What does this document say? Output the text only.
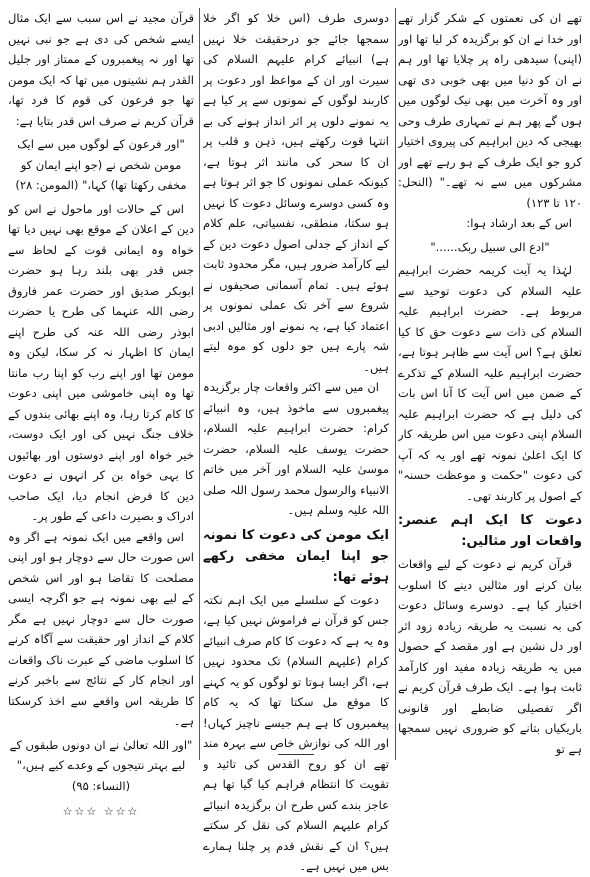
تھے ان کی نعمتوں کے شکر گزار تھے اور خدا نے ان کو برگزیدہ کر لیا تھا اور (اپنی) سیدھی راہ پر چلایا تھا اور ہم نے ان کو دنیا میں بھی خوبی دی تھی اور وہ آخرت میں بھی نیک لوگوں میں ہوں گے پھر ہم نے تمہاری طرف وحی بھیجی کہ دین ابراہیم کی پیروی اختیار کرو جو ایک طرف کے ہو رہے تھے اور مشرکوں میں سے نہ تھے۔" (النحل: ۱۲۰ تا ۱۲۳)

اس کے بعد ارشاد ہوا:

"ادع الی سبیل ربک......"

لہٰذا یہ آیت کریمہ حضرت ابراہیم علیہ السلام کی دعوت توحید سے مربوط ہے۔ حضرت ابراہیم علیہ السلام کی ذات سے دعوت حق کا کیا تعلق ہے؟ اس آیت سے ظاہر ہوتا ہے، حضرت ابراہیم علیہ السلام کے تذکرے کے ضمن میں اس آیت کا آنا اس بات کی دلیل ہے کہ حضرت ابراہیم علیہ السلام اپنی دعوت میں اس طریقہ کار کا ایک اعلیٰ نمونہ تھے اور یہ کہ آپ کی دعوت "حکمت و موعظت حسنہ" کے اصول پر کاربند تھی۔

دعوت کا ایک اہم عنصر: واقعات اور مثالیں:

قرآن کریم نے دعوت کے لیے واقعات بیان کرنے اور مثالیں دینے کا اسلوب اختیار کیا ہے۔ دوسرے وسائل دعوت کی بہ نسبت یہ طریقہ زیادہ زود اثر اور دل نشین ہے اور مقصد کے حصول میں یہ طریقہ زیادہ مفید اور کارآمد ثابت ہوا ہے۔ ایک طرف قرآن کریم نے اگر تفصیلی ضابطے اور قانونی باریکیاں بتانے کو ضروری نہیں سمجھا ہے تو

دوسری طرف (اس خلا کو اگر خلا سمجھا جائے جو درحقیقت خلا نہیں ہے) انبیائے کرام علیہم السلام کی سیرت اور ان کے مواعظ اور دعوت پر کاربند لوگوں کے نمونوں سے پر کیا ہے یہ نمونے دلوں پر اثر انداز ہونے کی بے انتہا قوت رکھتے ہیں، ذہن و قلب پر ان کا سحر کی مانند اثر ہوتا ہے، کیونکہ عملی نمونوں کا جو اثر ہوتا ہے وہ کسی دوسرے وسائل دعوت کا نہیں ہو سکتا، منطقی، نفسیاتی، علم کلام کے انداز کے جدلی اصول دعوت دین کے لیے کارآمد ضرور ہیں، مگر محدود ثابت ہوئے ہیں۔ تمام آسمانی صحیفوں نے شروع سے آخر تک عملی نمونوں پر اعتماد کیا ہے، یہ نمونے اور مثالیں ادبی شہ پارے ہیں جو دلوں کو موہ لیتے ہیں۔

ان میں سے اکثر واقعات چار برگزیدہ پیغمبروں سے ماخوذ ہیں، وہ انبیائے کرام: حضرت ابراہیم علیہ السلام، حضرت یوسف علیہ السلام، حضرت موسیٰ علیہ السلام اور آخر میں خاتم الانبیاء والرسول محمد رسول اللہ صلی اللہ علیہ وسلم ہیں۔

ایک مومن کی دعوت کا نمونہ جو اپنا ایمان مخفی رکھے ہوئے تھا:

دعوت کے سلسلے میں ایک اہم نکتہ جس کو قرآن نے فراموش نہیں کیا ہے، وہ یہ ہے کہ دعوت کا کام صرف انبیائے کرام (علیہم السلام) تک محدود نہیں ہے، اگر ایسا ہوتا تو لوگوں کو یہ کہنے کا موقع مل سکتا تھا کہ یہ کام پیغمبروں کا ہے ہم جیسے ناچیز کہاں! اور اللہ کی نوازش خاص سے بہرہ مند تھے ان کو روح القدس کی تائید و تقویت کا انتظام فراہم کیا گیا تھا ہم عاجز بندے کس طرح ان برگزیدہ انبیائے کرام علیہم السلام کی نقل کر سکتے ہیں؟ ان کے نقش قدم پر چلنا ہمارے بس میں نہیں ہے۔

قرآن مجید نے اس سبب سے ایک مثال ایسے شخص کی دی ہے جو نبی نہیں تھا اور نہ پیغمبروں کے ممتاز اور جلیل القدر ہم نشینوں میں تھا کہ ایک مومن تھا جو فرعون کی قوم کا فرد تھا، قرآن کریم نے صرف اس قدر بتایا ہے:

"اور فرعون کے لوگوں میں سے ایک مومن شخص نے (جو اپنے ایمان کو مخفی رکھتا تھا) کہا،" (المومن: ۲۸)

اس کے حالات اور ماحول نے اس کو دین کے اعلان کے موقع بھی نہیں دیا تھا خواہ وہ ایمانی قوت کے لحاظ سے جس قدر بھی بلند رہا ہو حضرت ابوبکر صدیق اور حضرت عمر فاروق رضی اللہ عنہما کی طرح یا حضرت ابوذر رضی اللہ عنہ کی طرح اپنے ایمان کا اظہار نہ کر سکا، لیکن وہ مومن تھا اور اپنے رب کو اپنا رب مانتا تھا وہ اپنی خاموشی میں اپنی دعوت کا کام کرتا رہا، وہ اپنے بھائی بندوں کے خلاف جنگ نہیں کی اور ایک دوست، خیر خواہ اور اپنے دوستوں اور بھائیوں کا بہی خواہ بن کر انہوں نے دعوت دین کا فرض انجام دیا، ایک صاحب ادراک و بصیرت داعی کے طور پر۔

اس واقعے میں ایک نمونہ ہے اگر وہ اس صورت حال سے دوچار ہو اور اپنی مصلحت کا تقاضا ہو اور اس شخص کے لیے بھی نمونہ ہے جو اگرچہ ایسی صورت حال سے دوچار نہیں ہے مگر کلام کے انداز اور حقیقت سے آگاہ کرنے کا اسلوب ماضی کے عبرت ناک واقعات اور انجام کار کے نتائج سے باخبر کرنے کا طریقہ اس واقعے سے اخذ کرسکتا ہے۔

"اور اللہ تعالیٰ نے ان دونوں طبقوں کے لیے بہتر نتیجوں کے وعدے کیے ہیں،" (النساء: ۹۵)
☆☆☆ ☆☆☆
